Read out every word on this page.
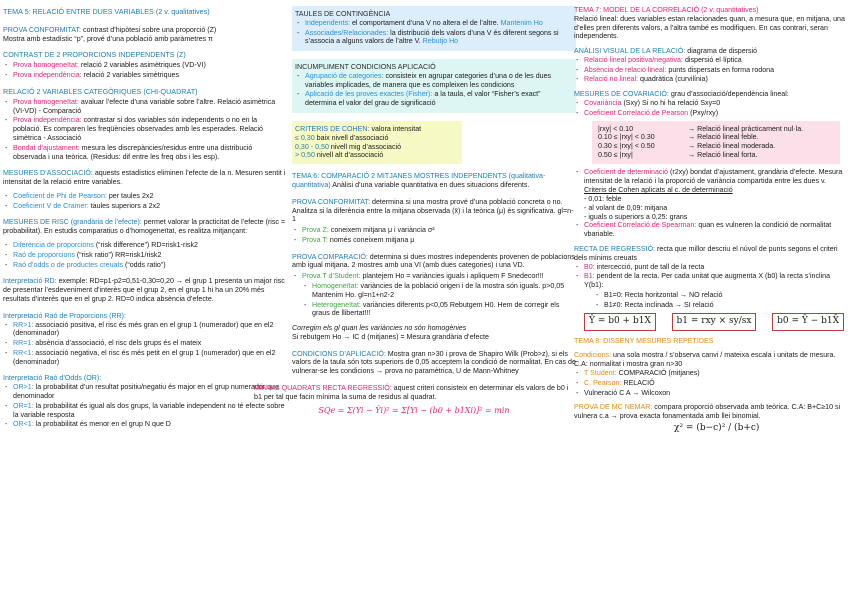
TEMA 5: RELACIÓ ENTRE DUES VARIABLES (2 v. qualitatives)
PROVA CONFORMITAT: contrast d’hipòtesi sobre una proporció (Z)
Mostra amb estadístic “p”, prové d’una població amb paràmetres π
CONTRAST DE 2 PROPORCIONS INDEPENDENTS (Z)
- Prova homogeneïtat: relació 2 variables asimètriques (VD-VI)
- Prova independència: relació 2 variables simètriques
RELACIÓ 2 VARIABLES CATEGÒRIQUES (CHI-QUADRAT)
- Prova homogeneïtat: avaluar l’efecte d’una variable sobre l’altre. Relació asimètrica (VI-VD) - Comparació
- Prova independència: contrastar si dos variables són independents o no en la població. Es comparen les freqüències observades amb les esperades. Relació simètrica - Associació
- Bondat d’ajustament: mesura les discrepàncies/residus entre una distribució observada i una teòrica. (Residus: dif entre les freq obs i les esp).
MESURES D’ASSOCIACIÓ: aquests estadístics eliminen l’efecte de la n. Mesuren sentit i intensitat de la relació entre variables.
- Coeficient de Phi de Pearson: per taules 2x2
- Coeficient V de Cramer: taules superiors a 2x2
MESURES DE RISC (grandària de l’efecte): permet valorar la practicitat de l’efecte (risc = probabilitat). En estudis comparatius o d’homogeneïtat, es realitza mitjançant:
- Diferència de proporcions (“risk difference”) RD=risk1-risk2
- Raó de proporcions (“risk ratio”) RR=risk1/risk2
- Raó d’odds o de productes creuats (“odds ratio”)
Interpretació RD: exemple: RD=p1-p2=0,51-0,30=0,20 → el grup 1 presenta un major risc de presentar l’esdeveniment d’interès que el grup 2, en el grup 1 hi ha un 20% més resultats d’interès que en el grup 2. RD=0 indica absència d’efecte.
Interpretació Raó de Proporcions (RR):
- RR>1: associació positiva, el risc és més gran en el grup 1 (numerador) que en el2 (denominador)
- RR=1: absència d’associació, el risc dels grups és el mateix
- RR<1: associació negativa, el risc és més petit en el grup 1 (numerador) que en el2 (denominador)
Interpretació Raó d’Odds (OR):
- OR>1: la probabilitat d’un resultat positiu/negatiu és major en el grup numerador que denominador
- OR=1: la probabilitat és igual als dos grups, la variable independent no té efecte sobre la variable resposta
- OR<1: la probabilitat és menor en el grup N que D
TAULES DE CONTINGÈNCIA
- Independents: el comportament d’una V no altera el de l’altre. Mantenim Ho
- Associades/Relacionades: la distribució dels valors d’una V és diferent segons si s’associa a alguns valors de l’altre V. Rebutjo Ho
INCUMPLIMENT CONDICIONS APLICACIÓ
- Agrupació de categories: consisteix en agrupar categories d’una o de les dues variables implicades, de manera que es compleixen les condicions
- Aplicació de les proves exactes (Fisher): a la taula, el valor “Fisher’s exact” determina el valor del grau de significació
CRITERIS DE COHEN: valora intensitat
≤ 0,30 baix nivell d’associació
0,30 - 0,50 nivell mig d’associació
> 0,50 nivell alt d’associació
TEMA 6: COMPARACIÓ 2 MITJANES MOSTRES INDEPENDENTS (qualitativa-quantitativa) Anàlisi d’una variable quantitativa en dues situacions diferents.
PROVA CONFORMITAT: determina si una mostra prové d’una població concreta o no. Analitza si la diferència entre la mitjana observada (x̄) i la teòrica (μ) és significativa. gl=n-1
- Prova Z: coneixem mitjana μ i variància σ²
- Prova T: només coneixem mitjana μ
PROVA COMPARACIÓ: determina si dues mostres independents provenen de poblacions amb igual mitjana. 2 mostres amb una VI (amb dues categories) i una VD.
- Prova T d’Student: plantejem Ho = variàncies iguals i apliquem F Snedecor!!!
- Homogeneïtat: variàncies de la població origen i de la mostra són iguals. p>0,05 Mantenim Ho. gl=n1+n2-2
- Heterogeneïtat: variàncies diferents p<0,05 Rebutgem H0. Hem de corregir els graus de llibertat!!!
Corregim els gl quan les variàncies no són homogènies
Si rebutgem Ho → IC d (mitjanes) = Mesura grandària d’efecte
CONDICIONS D’APLICACIÓ: Mostra gran n>30 i prova de Shapiro Wilk (Prob>z), si els valors de la taula són tots superiors de 0,05 acceptem la condició de normalitat. En cas de vulnerar-se les condicions → prova no paramètrica, U de Mann-Whitney
MÍNIMS QUADRATS RECTA REGRESSIÓ: aquest criteri consisteix en determinar els valors de b0 i b1 per tal que facin mínima la suma de residus al quadrat.
SQe = Σ(Yi − Ŷi)² = Σ[Yi − (b0 + b1Xi)]² = min
TEMA 7: MODEL DE LA CORRELACIÓ (2 v. quantitatives)
Relació lineal: dues variables estan relacionades quan, a mesura que, en mitjana, una d’elles pren diferents valors, a l’altra també es modifiquen. En cas contrari, seran independents.
ANÀLISI VISUAL DE LA RELACIÓ: diagrama de dispersió
- Relació lineal positiva/negativa: dispersió el·líptica
- Absència de relació lineal: punts dispersats en forma rodona
- Relació no lineal: quadràtica (curvilínia)
MESURES DE COVARIACIÓ: grau d’associació/dependència lineal:
- Covariància (Sxy) Si no hi ha relació Sxy=0
- Coeficient Correlació de Pearson (Pxy/rxy)
|rxy| < 0.10	→ Relació lineal pràcticament nul·la.
0.10 ≤ |rxy| < 0.30	→ Relació lineal feble.
0.30 ≤ |rxy| < 0.50	→ Relació lineal moderada.
0.50 ≤ |rxy|	→ Relació lineal forta.
- Coeficient de determinació (r2xy) bondat d’ajustament, grandària d’efecte. Mesura intensitat de la relació i la proporció de variància compartida entre les dues v.
Criteris de Cohen aplicats al c. de determinació
- 0,01: feble
- al volant de 0,09: mitjana
- iguals o superiors a 0,25: grans
- Coeficient Correlació de Spearman: quan es vulneren la condició de normalitat vbariable.
RECTA DE REGRESSIÓ: recta que millor descriu el núvol de punts segons el criteri dels mínims creuats
- B0: intercecció, punt de tall de la recta
- B1: pendent de la recta. Per cada unitat que augmenta X (b0) la recta s’inclina Y(b1):
- B1=0: Recta horitzontal → NO relació
- B1≠0: Recta inclinada → SI relació
Ŷ = b0 + b1X	b1 = rxy × sy/sx	b0 = Ȳ − b1X̄
TEMA 8: DISSENY MESURES REPETIDES
Condicions: una sola mostra / s’observa canvi / mateixa escala i unitats de mesura. C.A: normalitat i mostra gran n>30
- T Student: COMPARACIÓ (mitjanes)
- C. Pearson: RELACIÓ
- Vulneració C A → Wilcoxon
PROVA DE MC NEMAR: compara proporció observada amb teòrica. C.A: B+C≥10 si vulnera c.a → prova exacta fonamentada amb llei binomial.
χ² = (b−c)² / (b+c)
